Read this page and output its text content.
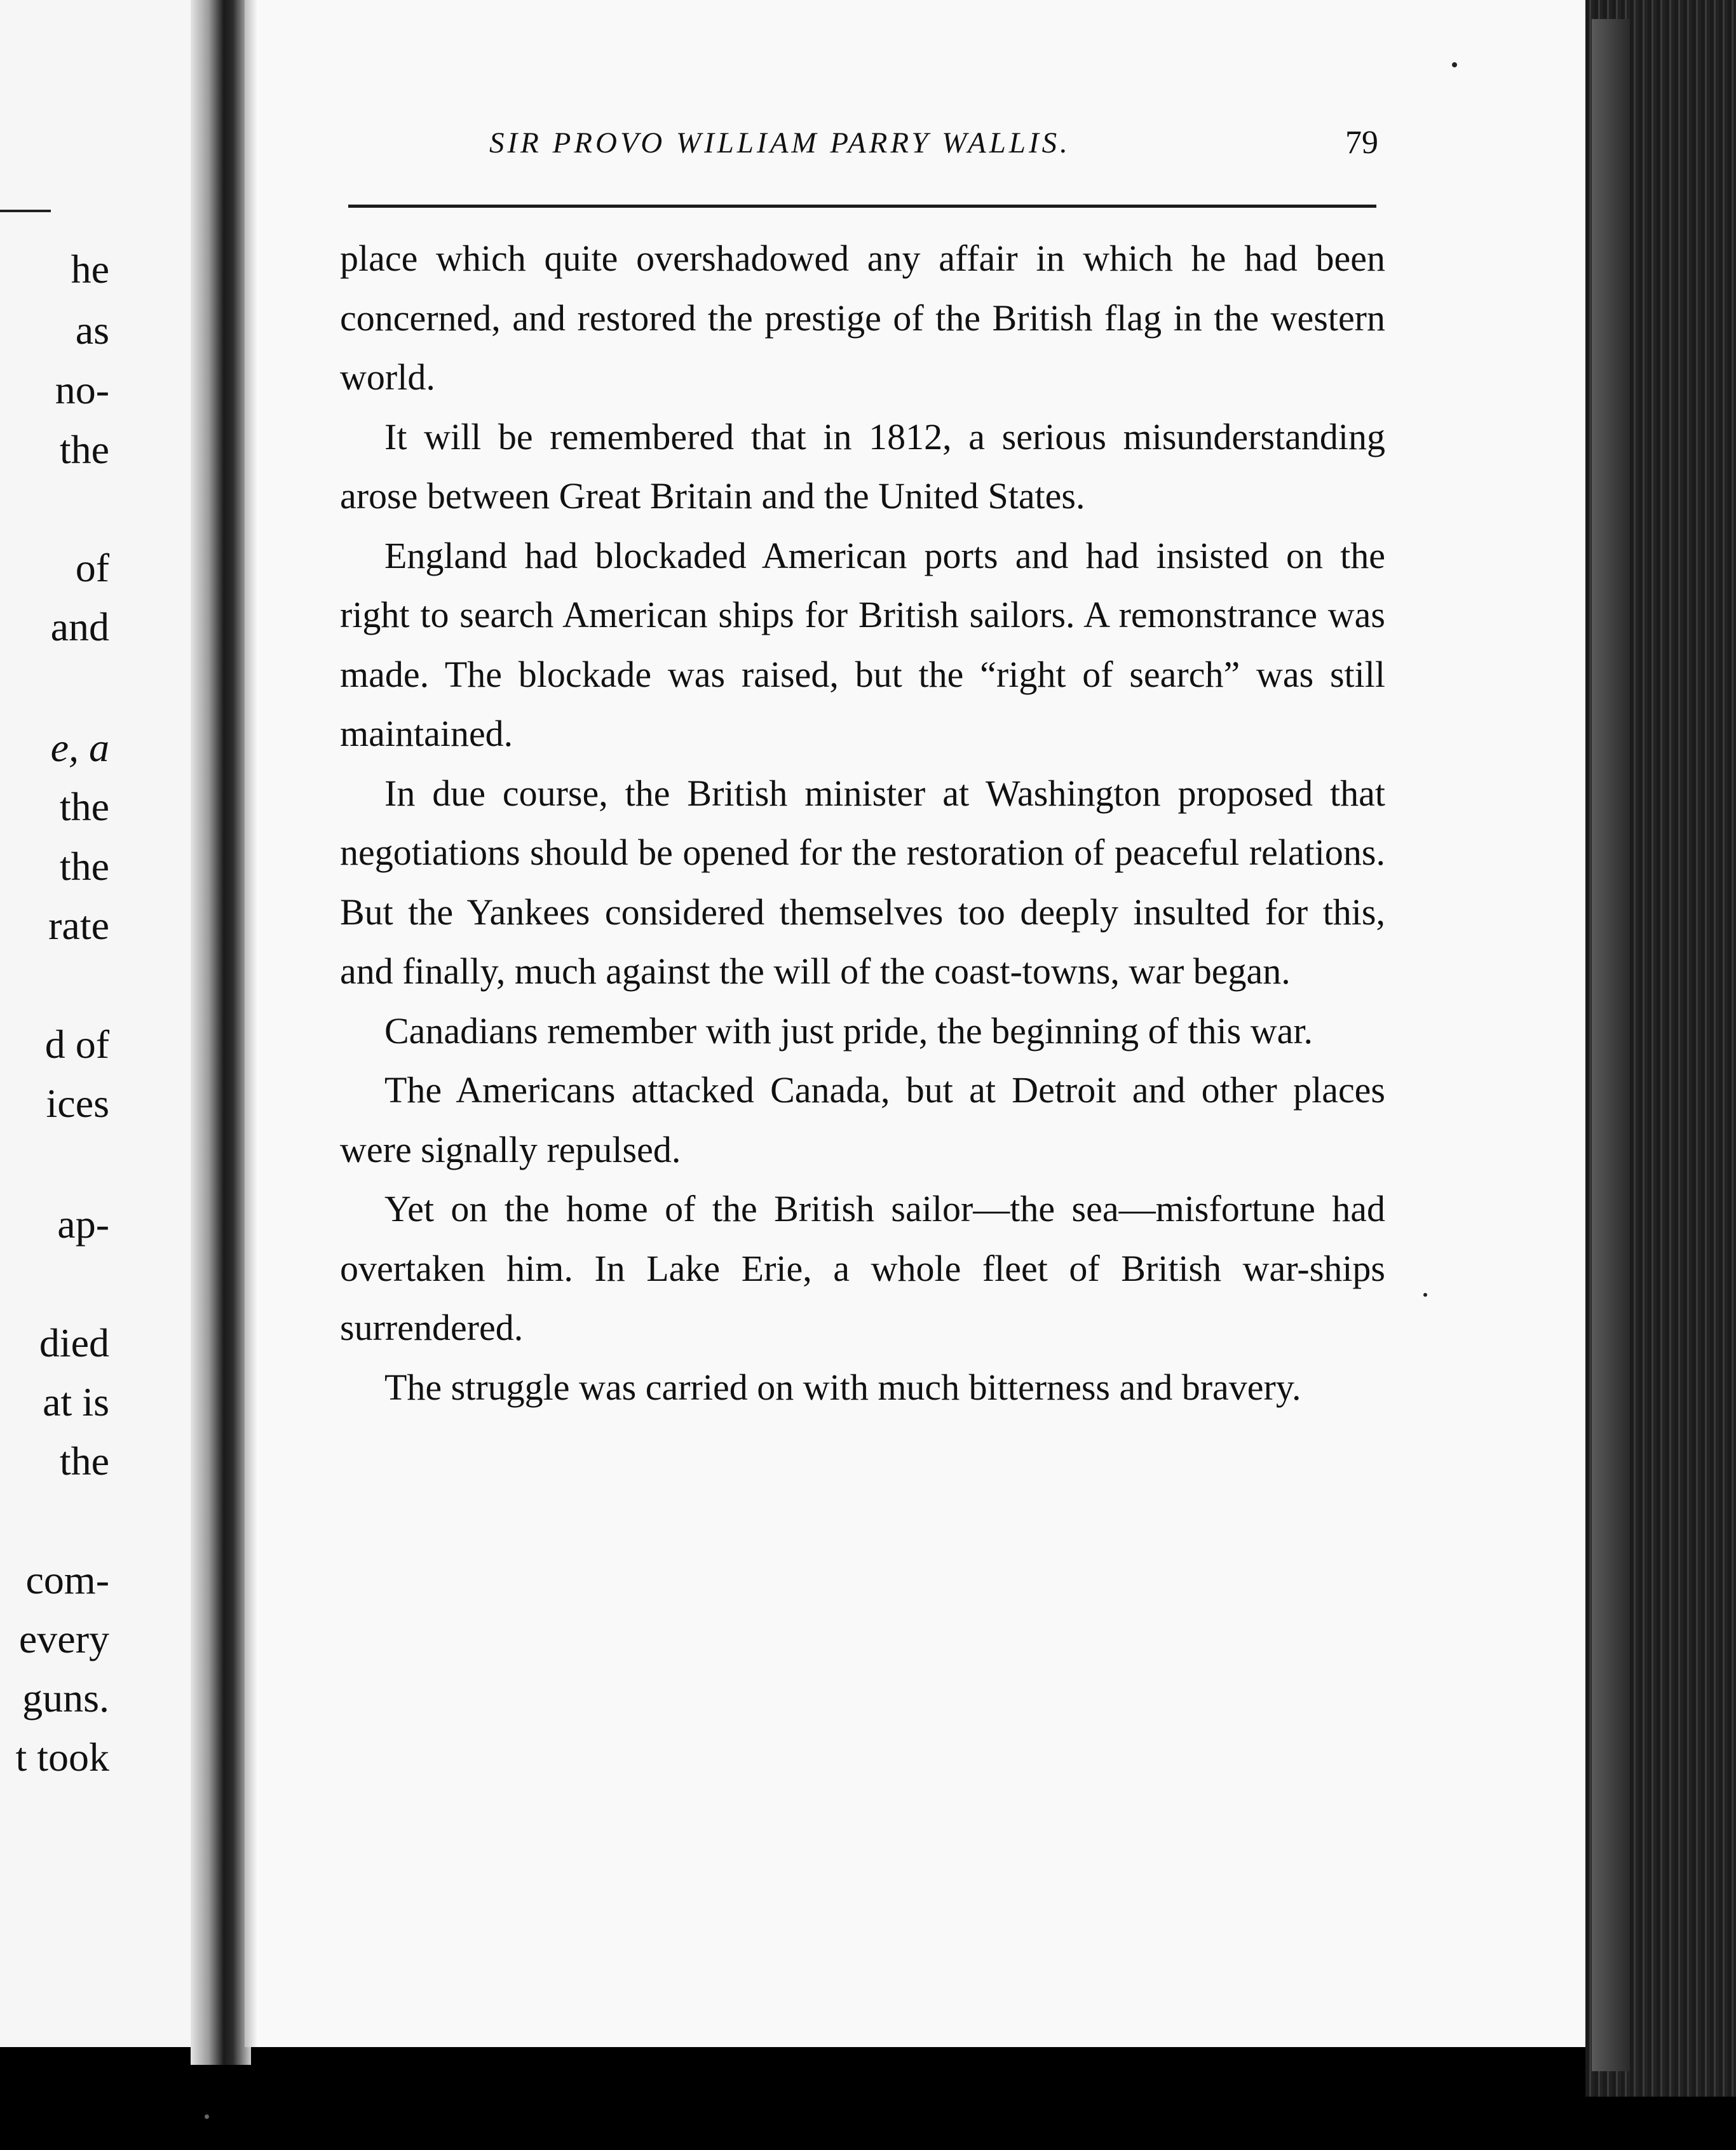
he
as
no-
the
of
and
e, a
the
the
rate
d of
ices
ap-
died
at is
the
com-
every
guns.
t took
SIR PROVO WILLIAM PARRY WALLIS.	79

place which quite overshadowed any affair in which he had been concerned, and restored the prestige of the British flag in the western world.

It will be remembered that in 1812, a serious misunderstanding arose between Great Britain and the United States.

England had blockaded American ports and had insisted on the right to search American ships for British sailors. A remonstrance was made. The blockade was raised, but the “right of search” was still maintained.

In due course, the British minister at Washington proposed that negotiations should be opened for the restoration of peaceful relations. But the Yankees considered themselves too deeply insulted for this, and finally, much against the will of the coast-towns, war began.

Canadians remember with just pride, the beginning of this war.

The Americans attacked Canada, but at Detroit and other places were signally repulsed.

Yet on the home of the British sailor—the sea—misfortune had overtaken him. In Lake Erie, a whole fleet of British war-ships surrendered.

The struggle was carried on with much bitterness and bravery.
